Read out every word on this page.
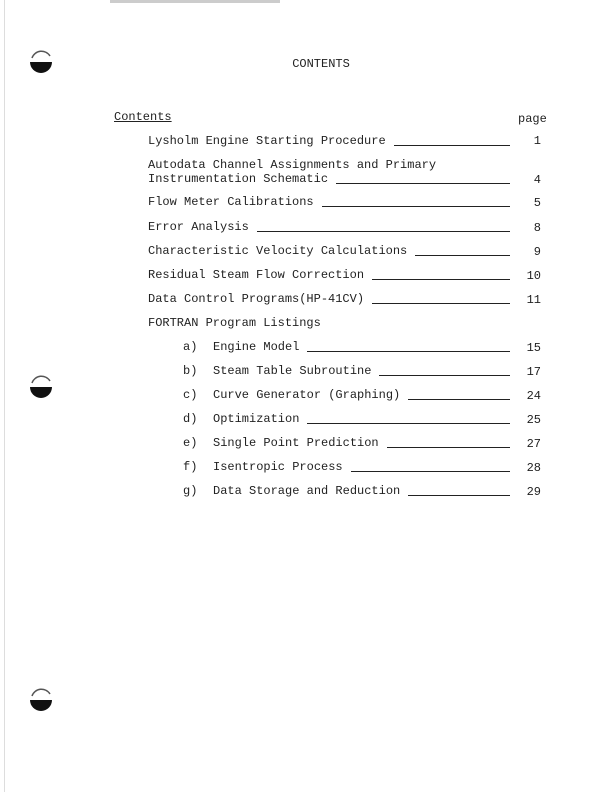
CONTENTS
Contents	page
Lysholm Engine Starting Procedure	1
Autodata Channel Assignments and Primary
Instrumentation Schematic	4
Flow Meter Calibrations	5
Error Analysis	8
Characteristic Velocity Calculations	9
Residual Steam Flow Correction	10
Data Control Programs(HP-41CV)	11
FORTRAN Program Listings
a) Engine Model	15
b) Steam Table Subroutine	17
c) Curve Generator (Graphing)	24
d) Optimization	25
e) Single Point Prediction	27
f) Isentropic Process	28
g) Data Storage and Reduction	29
